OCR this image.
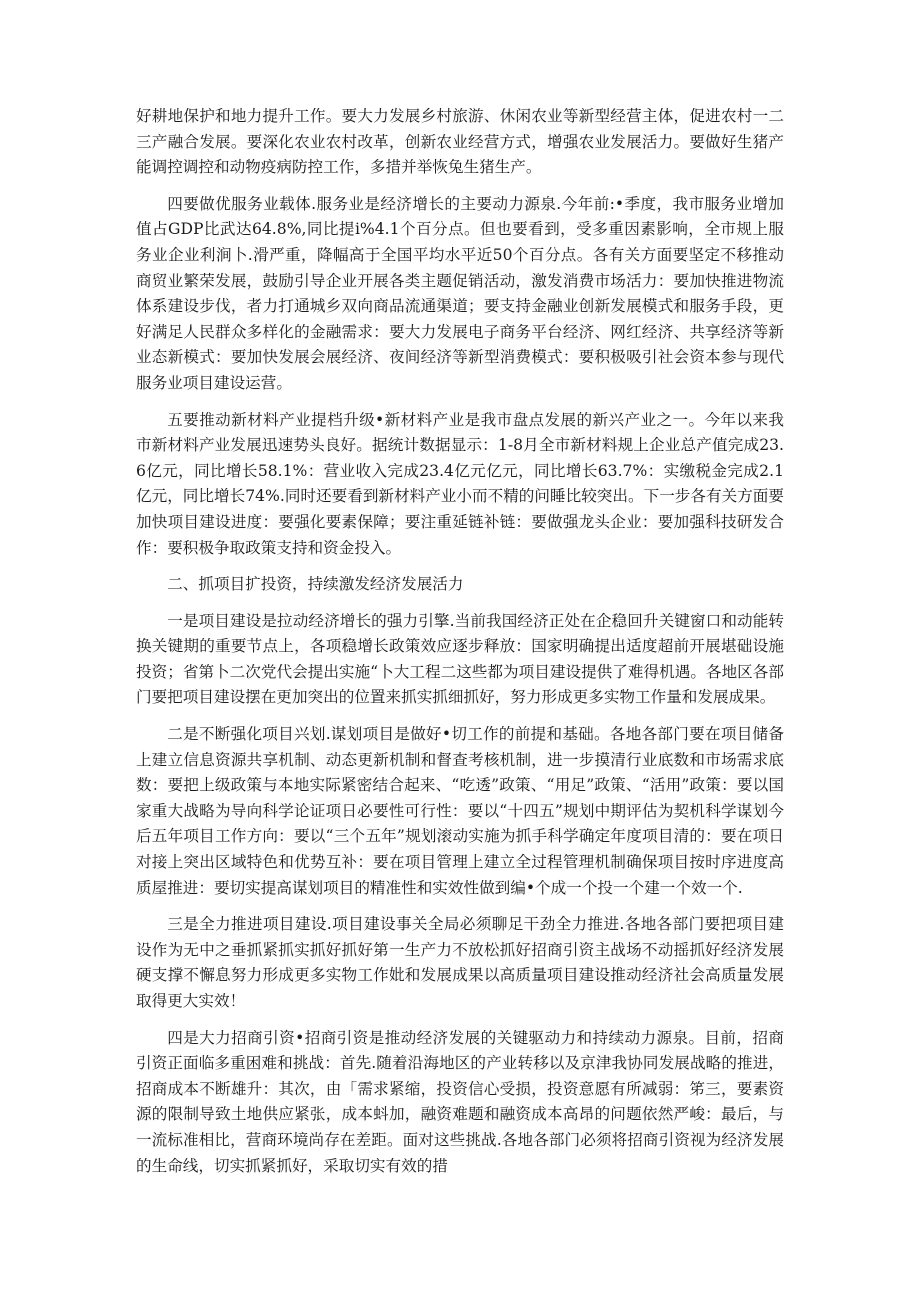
好耕地保护和地力提升工作。要大力发展乡村旅游、休闲农业等新型经营主体，促进农村一二三产融合发展。要深化农业农村改革，创新农业经营方式，增强农业发展活力。要做好生猪产能调控调控和动物疫病防控工作，多措并举恢兔生猪生产。

四要做优服务业载体.服务业是经济增长的主要动力源泉.今年前:•季度，我市服务业增加值占GDP比武达64.8%,同比提i%4.1个百分点。但也要看到，受多重因素影响，全市规上服务业企业利涧卜.滑严重，降幅高于全国平均水平近50个百分点。各有关方面要坚定不移推动商贸业繁荣发展，鼓励引导企业开展各类主题促销活动，激发消费市场活力：要加快推进物流体系建设步伐，者力打通城乡双向商品流通渠道；要支持金融业创新发展模式和服务手段，更好满足人民群众多样化的金融需求：要大力发展电子商务平台经济、网红经济、共享经济等新业态新模式：要加快发展会展经济、夜间经济等新型消费模式：要积极吸引社会资本参与现代服务业项目建设运营。

五要推动新材料产业提档升级•新材料产业是我市盘点发展的新兴产业之一。今年以来我市新材料产业发展迅速势头良好。据统计数据显示：1-8月全市新材料规上企业总产值完成23.6亿元，同比增长58.1%：营业收入完成23.4亿元亿元，同比增长63.7%：实缴税金完成2.1亿元，同比增长74%.同时还要看到新材料产业小而不精的问睡比较突出。下一步各有关方面要加快项目建设进度：要强化要素保障；要注重延链补链：要做强龙头企业：要加强科技研发合作：要积极争取政策支持和资金投入。

二、抓项目扩投资，持续激发经济发展活力

一是项目建设是拉动经济增长的强力引擎.当前我国经济正处在企稳回升关键窗口和动能转换关键期的重要节点上，各项稳增长政策效应逐步释放：国家明确提出适度超前开展堪础设施投资；省第卜二次党代会提出实施“卜大工程二这些都为项目建设提供了难得机遇。各地区各部门要把项目建设摆在更加突出的位置来抓实抓细抓好，努力形成更多实物工作量和发展成果。

二是不断强化项目兴划.谋划项目是做好•切工作的前提和基础。各地各部门要在项目储备上建立信息资源共享机制、动态更新机制和督查考核机制，进一步摸清行业底数和市场需求底数：要把上级政策与本地实际紧密结合起来、“吃透”政策、“用足”政策、“活用”政策：要以国家重大战略为导向科学论证项日必要性可行性：要以“十四五”规划中期评估为契机科学谋划今后五年项目工作方向：要以“三个五年”规划滚动实施为抓手科学确定年度项目清的：要在项日对接上突出区域特色和优势互补：要在项目管理上建立全过程管理机制确保项目按时序进度高质屋推进：要切实提高谋划项目的精准性和实效性做到编•个成一个投一个建一个效一个.

三是全力推进项目建设.项目建设事关全局必须聊足干劲全力推进.各地各部门要把项目建设作为无中之垂抓紧抓实抓好抓好第一生产力不放松抓好招商引资主战场不动摇抓好经济发展硬支撑不懈息努力形成更多实物工作妣和发展成果以高质量项目建设推动经济社会高质量发展取得更大实效！

四是大力招商引资•招商引资是推动经济发展的关键驱动力和持续动力源泉。目前，招商引资正面临多重困难和挑战：首先.随着沿海地区的产业转移以及京津我协同发展战略的推进，招商成本不断雄升：其次，由「需求紧缩，投资信心受损，投资意愿有所减弱：笫三，要素资源的限制导致土地供应紧张，成本蚪加，融资难题和融资成本高昂的问题依然严峻：最后，与一流标准相比，营商环境尚存在差距。面对这些挑战.各地各部门必须将招商引资视为经济发展的生命线，切实抓紧抓好，采取切实有效的措
